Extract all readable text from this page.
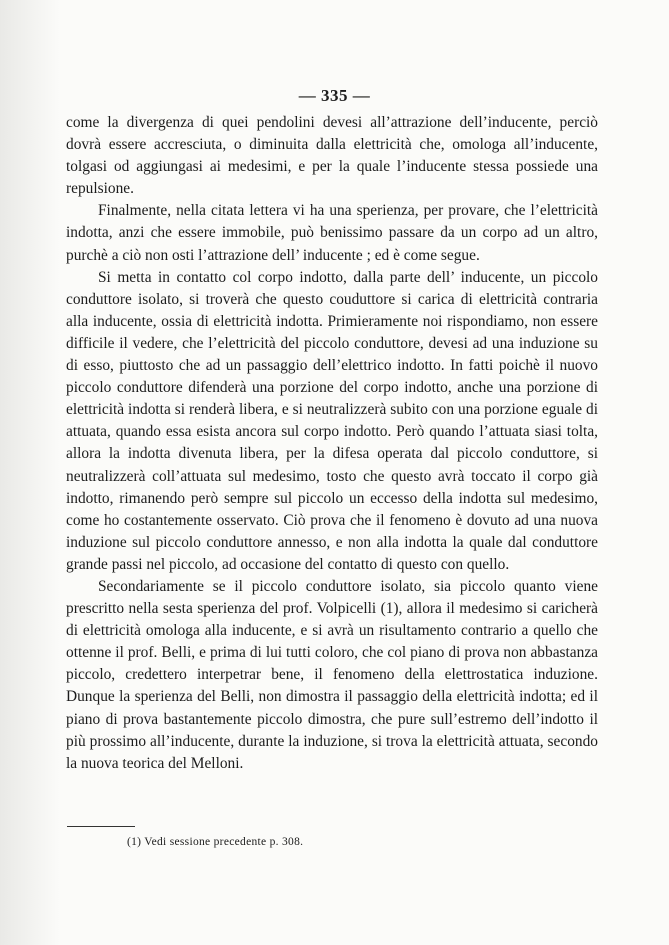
— 335 —

come la divergenza di quei pendolini devesi all’attrazione dell’inducente, perciò dovrà essere accresciuta, o diminuita dalla elettricità che, omologa all’inducente, tolgasi od aggiungasi ai medesimi, e per la quale l’inducente stessa possiede una repulsione.

Finalmente, nella citata lettera vi ha una sperienza, per provare, che l’elettricità indotta, anzi che essere immobile, può benissimo passare da un corpo ad un altro, purchè a ciò non osti l’attrazione dell’ inducente ; ed è come segue.

Si metta in contatto col corpo indotto, dalla parte dell’ inducente, un piccolo conduttore isolato, si troverà che questo couduttore si carica di elettricità contraria alla inducente, ossia di elettricità indotta. Primieramente noi rispondiamo, non essere difficile il vedere, che l’elettricità del piccolo conduttore, devesi ad una induzione su di esso, piuttosto che ad un passaggio dell’elettrico indotto. In fatti poichè il nuovo piccolo conduttore difenderà una porzione del corpo indotto, anche una porzione di elettricità indotta si renderà libera, e si neutralizzerà subito con una porzione eguale di attuata, quando essa esista ancora sul corpo indotto. Però quando l’attuata siasi tolta, allora la indotta divenuta libera, per la difesa operata dal piccolo conduttore, si neutralizzerà coll’attuata sul medesimo, tosto che questo avrà toccato il corpo già indotto, rimanendo però sempre sul piccolo un eccesso della indotta sul medesimo, come ho costantemente osservato. Ciò prova che il fenomeno è dovuto ad una nuova induzione sul piccolo conduttore annesso, e non alla indotta la quale dal conduttore grande passi nel piccolo, ad occasione del contatto di questo con quello.

Secondariamente se il piccolo conduttore isolato, sia piccolo quanto viene prescritto nella sesta sperienza del prof. Volpicelli (1), allora il medesimo si caricherà di elettricità omologa alla inducente, e si avrà un risultamento contrario a quello che ottenne il prof. Belli, e prima di lui tutti coloro, che col piano di prova non abbastanza piccolo, credettero interpetrar bene, il fenomeno della elettrostatica induzione. Dunque la sperienza del Belli, non dimostra il passaggio della elettricità indotta; ed il piano di prova bastantemente piccolo dimostra, che pure sull’estremo dell’indotto il più prossimo all’inducente, durante la induzione, si trova la elettricità attuata, secondo la nuova teorica del Melloni.

(1) Vedi sessione precedente p. 308.
